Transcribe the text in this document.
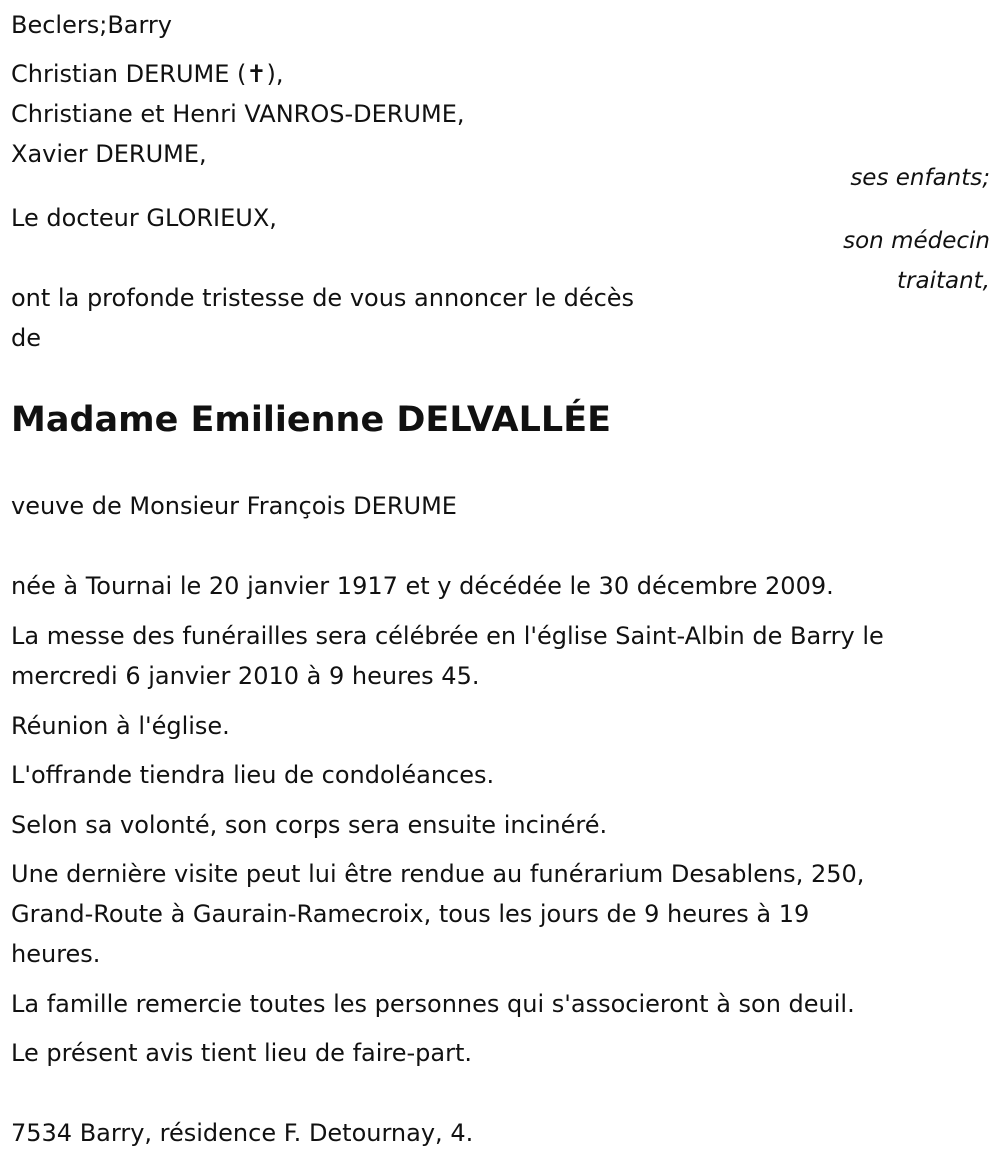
Beclers;Barry
Christian DERUME (✝),
Christiane et Henri VANROS-DERUME,
Xavier DERUME,
ses enfants;
Le docteur GLORIEUX,
son médecin
traitant,
ont la profonde tristesse de vous annoncer le décès
de
Madame Emilienne DELVALLÉE
veuve de Monsieur François DERUME
née à Tournai le 20 janvier 1917 et y décédée le 30 décembre 2009.
La messe des funérailles sera célébrée en l'église Saint-Albin de Barry le
mercredi 6 janvier 2010 à 9 heures 45.
Réunion à l'église.
L'offrande tiendra lieu de condoléances.
Selon sa volonté, son corps sera ensuite incinéré.
Une dernière visite peut lui être rendue au funérarium Desablens, 250,
Grand-Route à Gaurain-Ramecroix, tous les jours de 9 heures à 19
heures.
La famille remercie toutes les personnes qui s'associeront à son deuil.
Le présent avis tient lieu de faire-part.
7534 Barry, résidence F. Detournay, 4.
